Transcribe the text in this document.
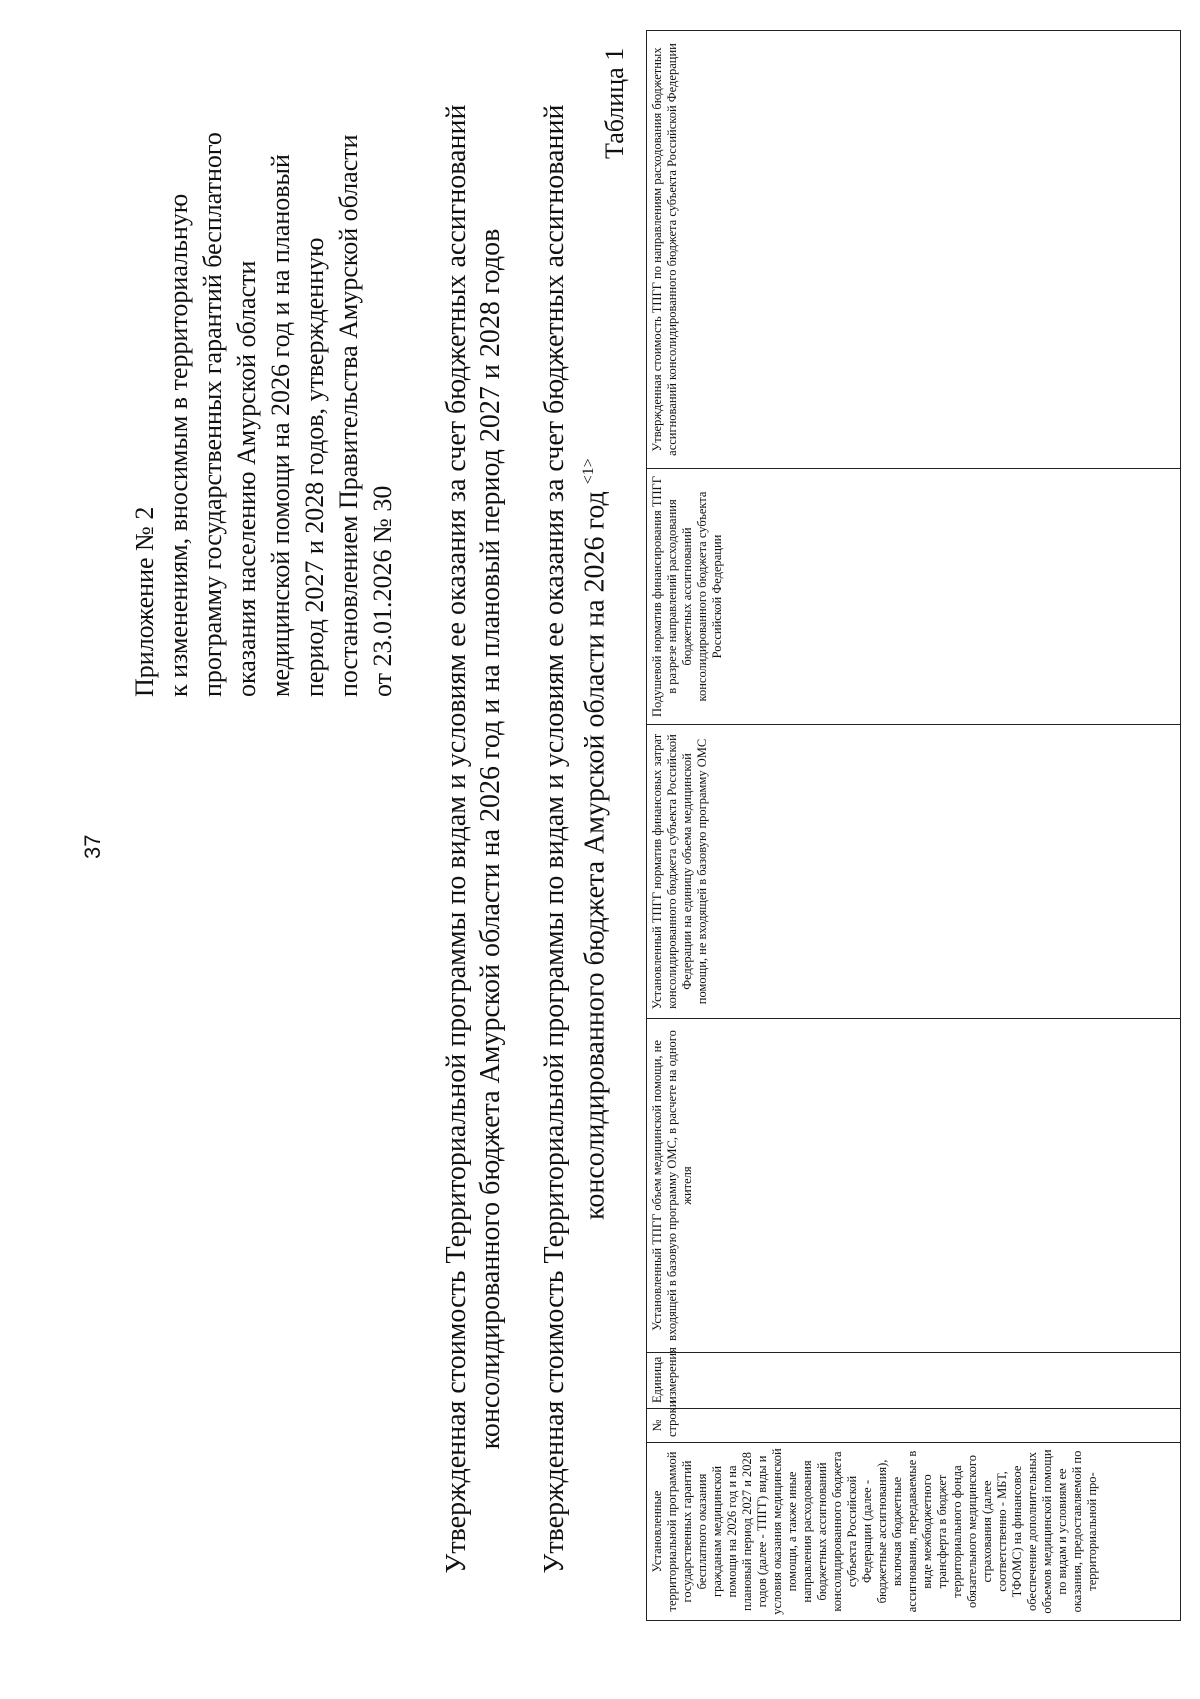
37
Приложение № 2 к изменениям, вносимым в территориальную программу государственных гарантий бесплатного оказания населению Амурской области медицинской помощи на 2026 год и на плановый период 2027 и 2028 годов, утвержденную постановлением Правительства Амурской области от 23.01.2026 № 30 Утвержденная стоимость Территориальной программы по видам и условиям ее оказания за счет бюджетных ассигнований консолидированного бюджета Амурской области на 2026 год и на плановый период 2027 и 2028 годов Утвержденная стоимость Территориальной программы по видам и условиям ее оказания за счет бюджетных ассигнований консолидированного бюджета Амурской области на 2026 год $^{<1>}$
Таблица 1
Установленные территориальной программой государственных гарантий бесплатного оказания гражданам медицинской помощи на 2026 год и на плановый период 2027 и 2028 годов (далее - ТПГГ) виды и условия оказания медицинской помощи, а также иные направления расходования бюджетных ассигнований консолидированного бюджета субъекта Российской Федерации (далее - бюджетные ассигнования), включая бюджетные ассигнования, передаваемые в виде межбюджетного трансферта в бюджет территориального фонда обязательного медицинского страхования (далее соответственно - МБТ, ТФОМС) на финансовое обеспечение дополнительных объемов медицинской помощи по видам и условиям ее оказания, предоставляемой по территориальной про-	№ строки	Единица измерения	Установленный ТПГГ объем медицинской помощи, не входящей в базовую программу ОМС, в расчете на одного жителя	Установленный ТПГГ норматив финансовых затрат консолидированного бюджета субъекта Российской Федерации на единицу объема медицинской помощи, не входящей в базовую программу ОМС	Подушевой норматив финансирования ТПГГ в разрезе направлений расходования бюджетных ассигнований консолидированного бюджета субъекта Российской Федерации	Утвержденная стоимость ТПГГ по направлениям расходования бюджетных ассигнований консолидированного бюджета субъекта Российской Федерации
